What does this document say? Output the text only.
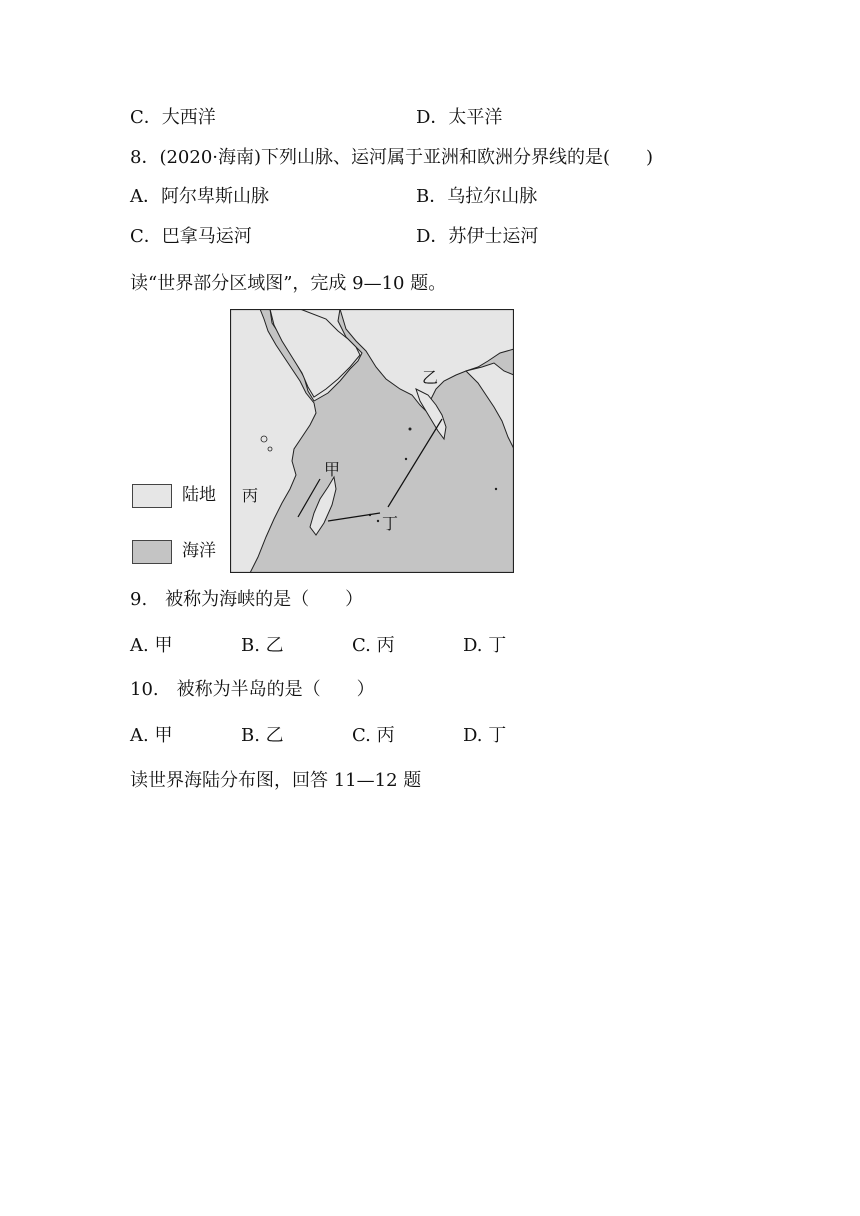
C．大西洋	D．太平洋
8．(2020·海南)下列山脉、运河属于亚洲和欧洲分界线的是(　　)
A．阿尔卑斯山脉	B．乌拉尔山脉
C．巴拿马运河	D．苏伊士运河
读“世界部分区域图”，完成 9—10 题。
陆地
海洋
甲
乙
丙
丁
9.　被称为海峡的是（　　）
A. 甲	B. 乙	C. 丙	D. 丁
10.　被称为半岛的是（　　）
A. 甲	B. 乙	C. 丙	D. 丁
读世界海陆分布图，回答 11—12 题
